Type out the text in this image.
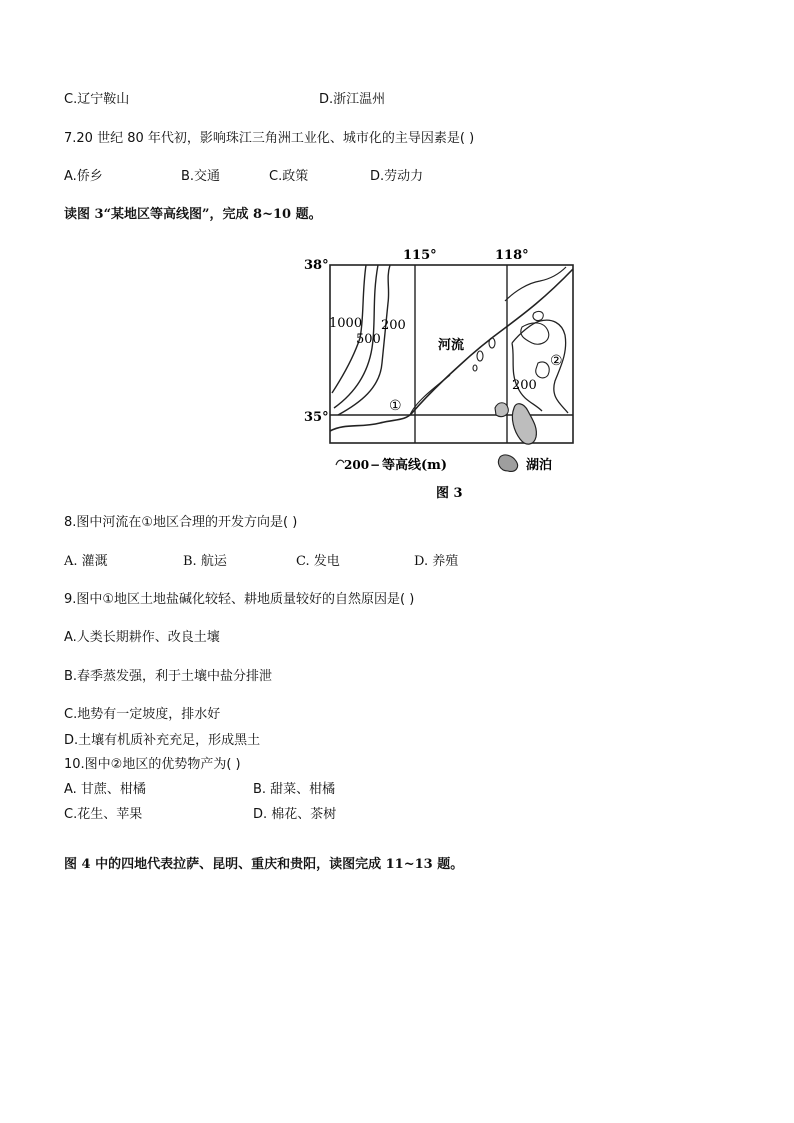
C.辽宁鞍山	D.浙江温州
7.20 世纪 80 年代初，影响珠江三角洲工业化、城市化的主导因素是( )
A.侨乡	B.交通	C.政策	D.劳动力
读图 3“某地区等高线图”，完成 8~10 题。
115°	118°
38°
35°
1000
500
200
200
河流
①
②
200 − 等高线(m)	湖泊
图 3
8.图中河流在①地区合理的开发方向是( )
A. 灌溉	B. 航运	C. 发电	D. 养殖
9.图中①地区土地盐碱化较轻、耕地质量较好的自然原因是( )
A.人类长期耕作、改良土壤
B.春季蒸发强，利于土壤中盐分排泄
C.地势有一定坡度，排水好
D.土壤有机质补充充足，形成黑土
10.图中②地区的优势物产为( )
A. 甘蔗、柑橘	B. 甜菜、柑橘
C.花生、苹果	D. 棉花、茶树
图 4 中的四地代表拉萨、昆明、重庆和贵阳，读图完成 11~13 题。
